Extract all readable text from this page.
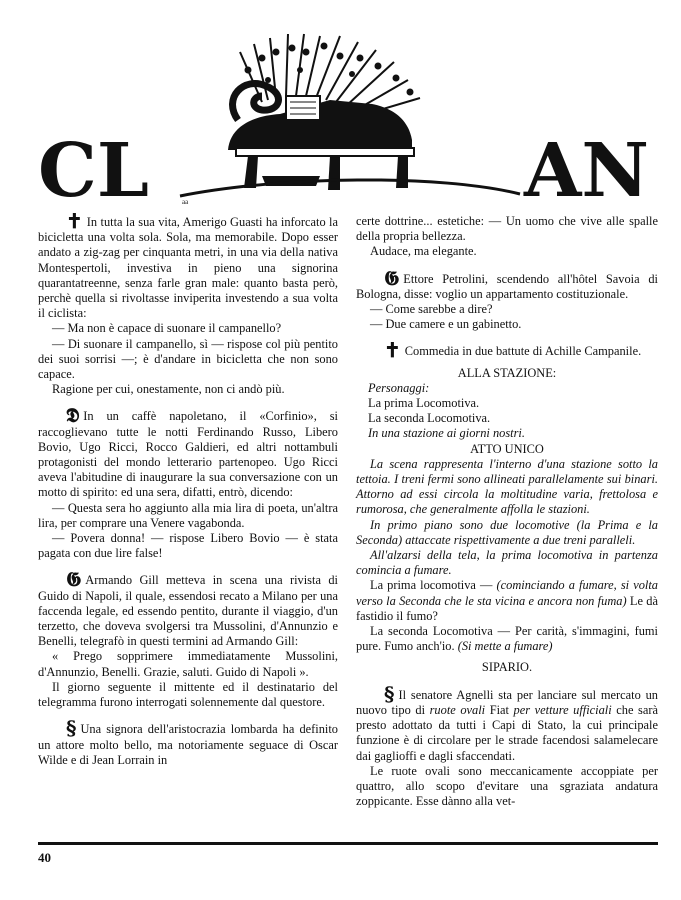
CL	AN
aa

✝ In tutta la sua vita, Amerigo Guasti ha inforcato la bicicletta una volta sola. Sola, ma memorabile. Dopo esser andato a zig-zag per cinquanta metri, in una via della nativa Montespertoli, investiva in pieno una signorina quarantatreenne, senza farle gran male: quanto basta però, perchè quella si rivoltasse inviperita investendo a sua volta il ciclista:

— Ma non è capace di suonare il campanello?

— Di suonare il campanello, sì — rispose col più pentito dei suoi sorrisi —; è d'andare in bicicletta che non sono capace.

Ragione per cui, onestamente, non ci andò più.

𝕯 In un caffè napoletano, il «Corfinio», si raccoglievano tutte le notti Ferdinando Russo, Libero Bovio, Ugo Ricci, Rocco Galdieri, ed altri nottambuli protagonisti del mondo letterario partenopeo. Ugo Ricci aveva l'abitudine di inaugurare la sua conversazione con un motto di spirito: ed una sera, difatti, entrò, dicendo:

— Questa sera ho aggiunto alla mia lira di poeta, un'altra lira, per comprare una Venere vagabonda.

— Povera donna! — rispose Libero Bovio — è stata pagata con due lire false!

𝕲 Armando Gill metteva in scena una rivista di Guido di Napoli, il quale, essendosi recato a Milano per una faccenda legale, ed essendo pentito, durante il viaggio, d'un terzetto, che doveva svolgersi tra Mussolini, d'Annunzio e Benelli, telegrafò in questi termini ad Armando Gill:

« Prego sopprimere immediatamente Mussolini, d'Annunzio, Benelli. Grazie, saluti. Guido di Napoli ».

Il giorno seguente il mittente ed il destinatario del telegramma furono interrogati solennemente dal questore.

§ Una signora dell'aristocrazia lombarda ha definito un attore molto bello, ma notoriamente seguace di Oscar Wilde e di Jean Lorrain in

certe dottrine... estetiche: — Un uomo che vive alle spalle della propria bellezza.

Audace, ma elegante.

𝕲 Ettore Petrolini, scendendo all'hôtel Savoia di Bologna, disse: voglio un appartamento costituzionale.

— Come sarebbe a dire?

— Due camere e un gabinetto.

✝ Commedia in due battute di Achille Campanile.

ALLA STAZIONE:

Personaggi:

La prima Locomotiva.

La seconda Locomotiva.

In una stazione ai giorni nostri.

ATTO UNICO

La scena rappresenta l'interno d'una stazione sotto la tettoia. I treni fermi sono allineati parallelamente sui binari. Attorno ad essi circola la moltitudine varia, frettolosa e rumorosa, che generalmente affolla le stazioni.

In primo piano sono due locomotive (la Prima e la Seconda) attaccate rispettivamente a due treni paralleli.

All'alzarsi della tela, la prima locomotiva in partenza comincia a fumare.

La prima locomotiva — (cominciando a fumare, si volta verso la Seconda che le sta vicina e ancora non fuma) Le dà fastidio il fumo?

La seconda Locomotiva — Per carità, s'immagini, fumi pure. Fumo anch'io. (Si mette a fumare)

SIPARIO.

§ Il senatore Agnelli sta per lanciare sul mercato un nuovo tipo di ruote ovali Fiat per vetture ufficiali che sarà presto adottato da tutti i Capi di Stato, la cui principale funzione è di circolare per le strade facendosi salamelecare dai gaglioffi e dagli sfaccendati.

Le ruote ovali sono meccanicamente accoppiate per quattro, allo scopo d'evitare una sgraziata andatura zoppicante. Esse dànno alla vet-

40
